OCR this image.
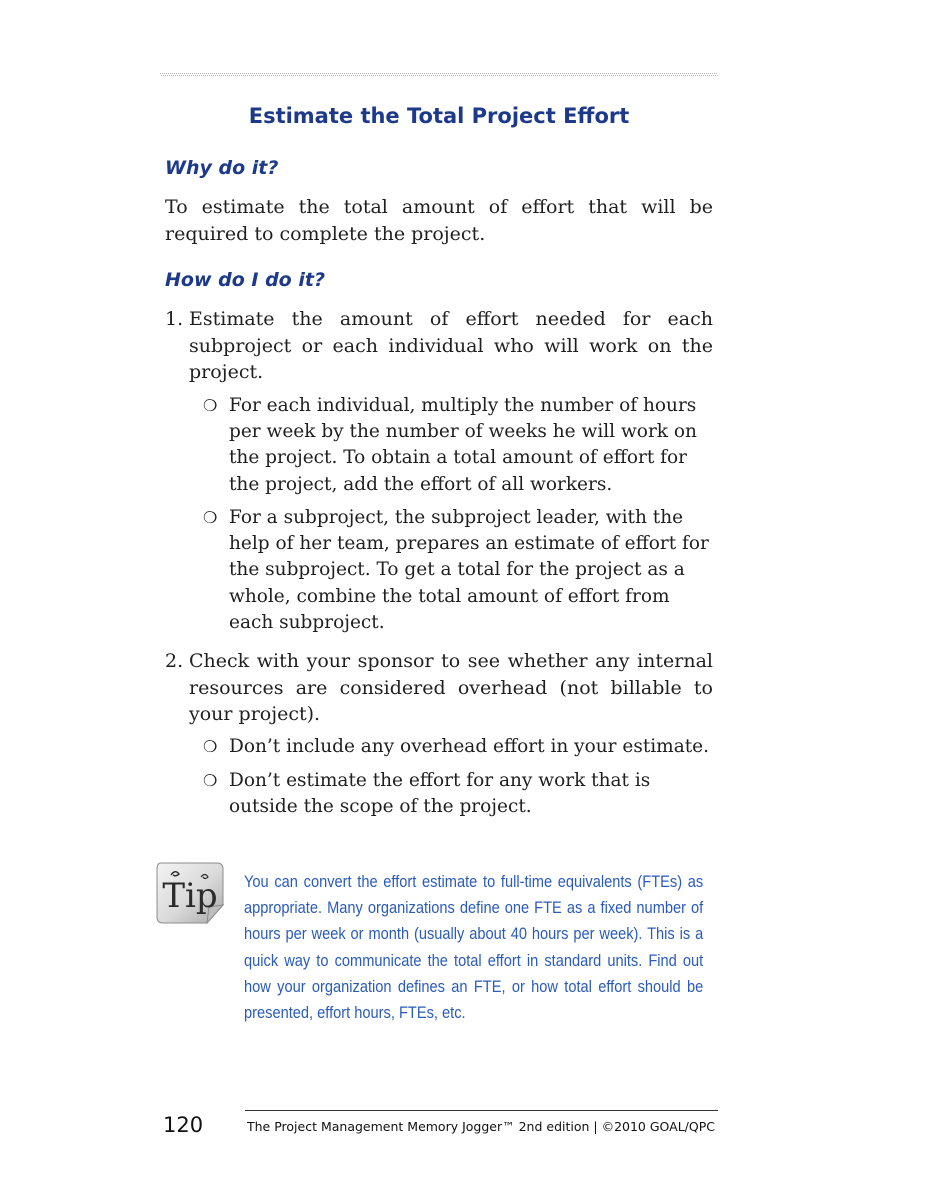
Estimate the Total Project Effort
Why do it?
To estimate the total amount of effort that will be required to complete the project.
How do I do it?
1. Estimate the amount of effort needed for each subproject or each individual who will work on the project.
❍ For each individual, multiply the number of hours per week by the number of weeks he will work on the project. To obtain a total amount of effort for the project, add the effort of all workers.
❍ For a subproject, the subproject leader, with the help of her team, prepares an estimate of effort for the subproject. To get a total for the project as a whole, combine the total amount of effort from each subproject.
2. Check with your sponsor to see whether any internal resources are considered overhead (not billable to your project).
❍ Don’t include any overhead effort in your estimate.
❍ Don’t estimate the effort for any work that is outside the scope of the project.
Tip You can convert the effort estimate to full-time equivalents (FTEs) as appropriate. Many organizations define one FTE as a fixed number of hours per week or month (usually about 40 hours per week). This is a quick way to communicate the total effort in standard units. Find out how your organization defines an FTE, or how total effort should be presented, effort hours, FTEs, etc.
120	The Project Management Memory Jogger™ 2nd edition | ©2010 GOAL/QPC
